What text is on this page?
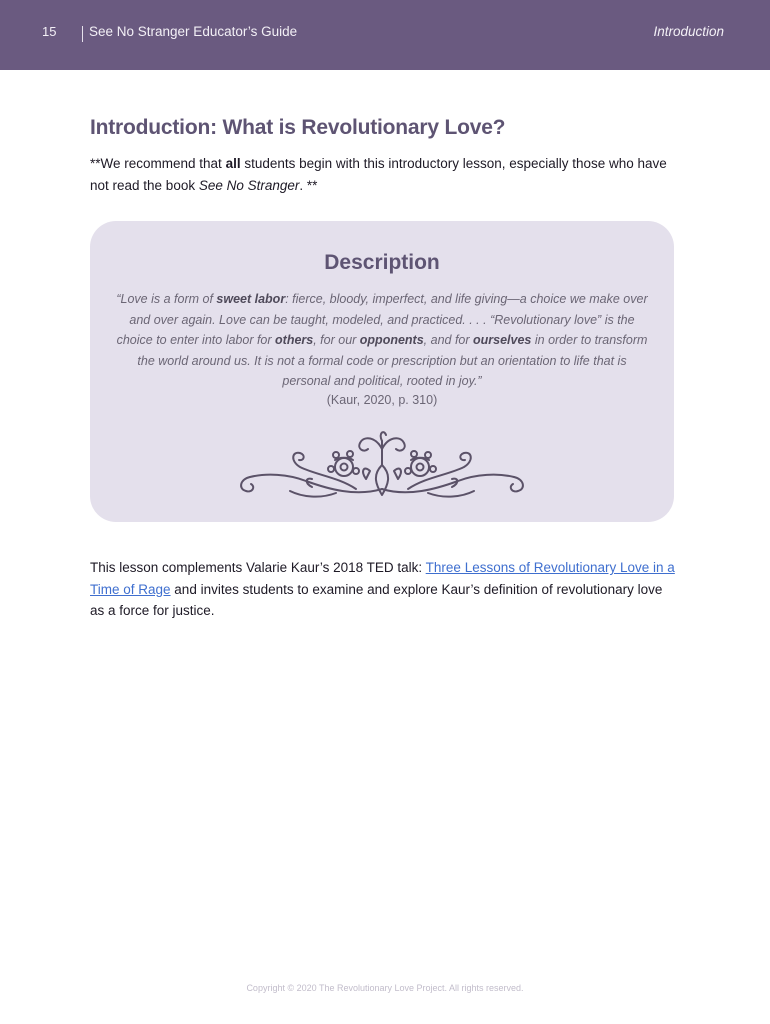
15 See No Stranger Educator’s Guide	Introduction
Introduction: What is Revolutionary Love?

**We recommend that all students begin with this introductory lesson, especially those who have not read the book See No Stranger. **

Description

“Love is a form of sweet labor: fierce, bloody, imperfect, and life giving—a choice we make over and over again. Love can be taught, modeled, and practiced. . . . “Revolutionary love” is the choice to enter into labor for others, for our opponents, and for ourselves in order to transform the world around us. It is not a formal code or prescription but an orientation to life that is personal and political, rooted in joy.”

(Kaur, 2020, p. 310)

This lesson complements Valarie Kaur’s 2018 TED talk: Three Lessons of Revolutionary Love in a Time of Rage and invites students to examine and explore Kaur’s definition of revolutionary love as a force for justice.

Copyright © 2020 The Revolutionary Love Project. All rights reserved.
